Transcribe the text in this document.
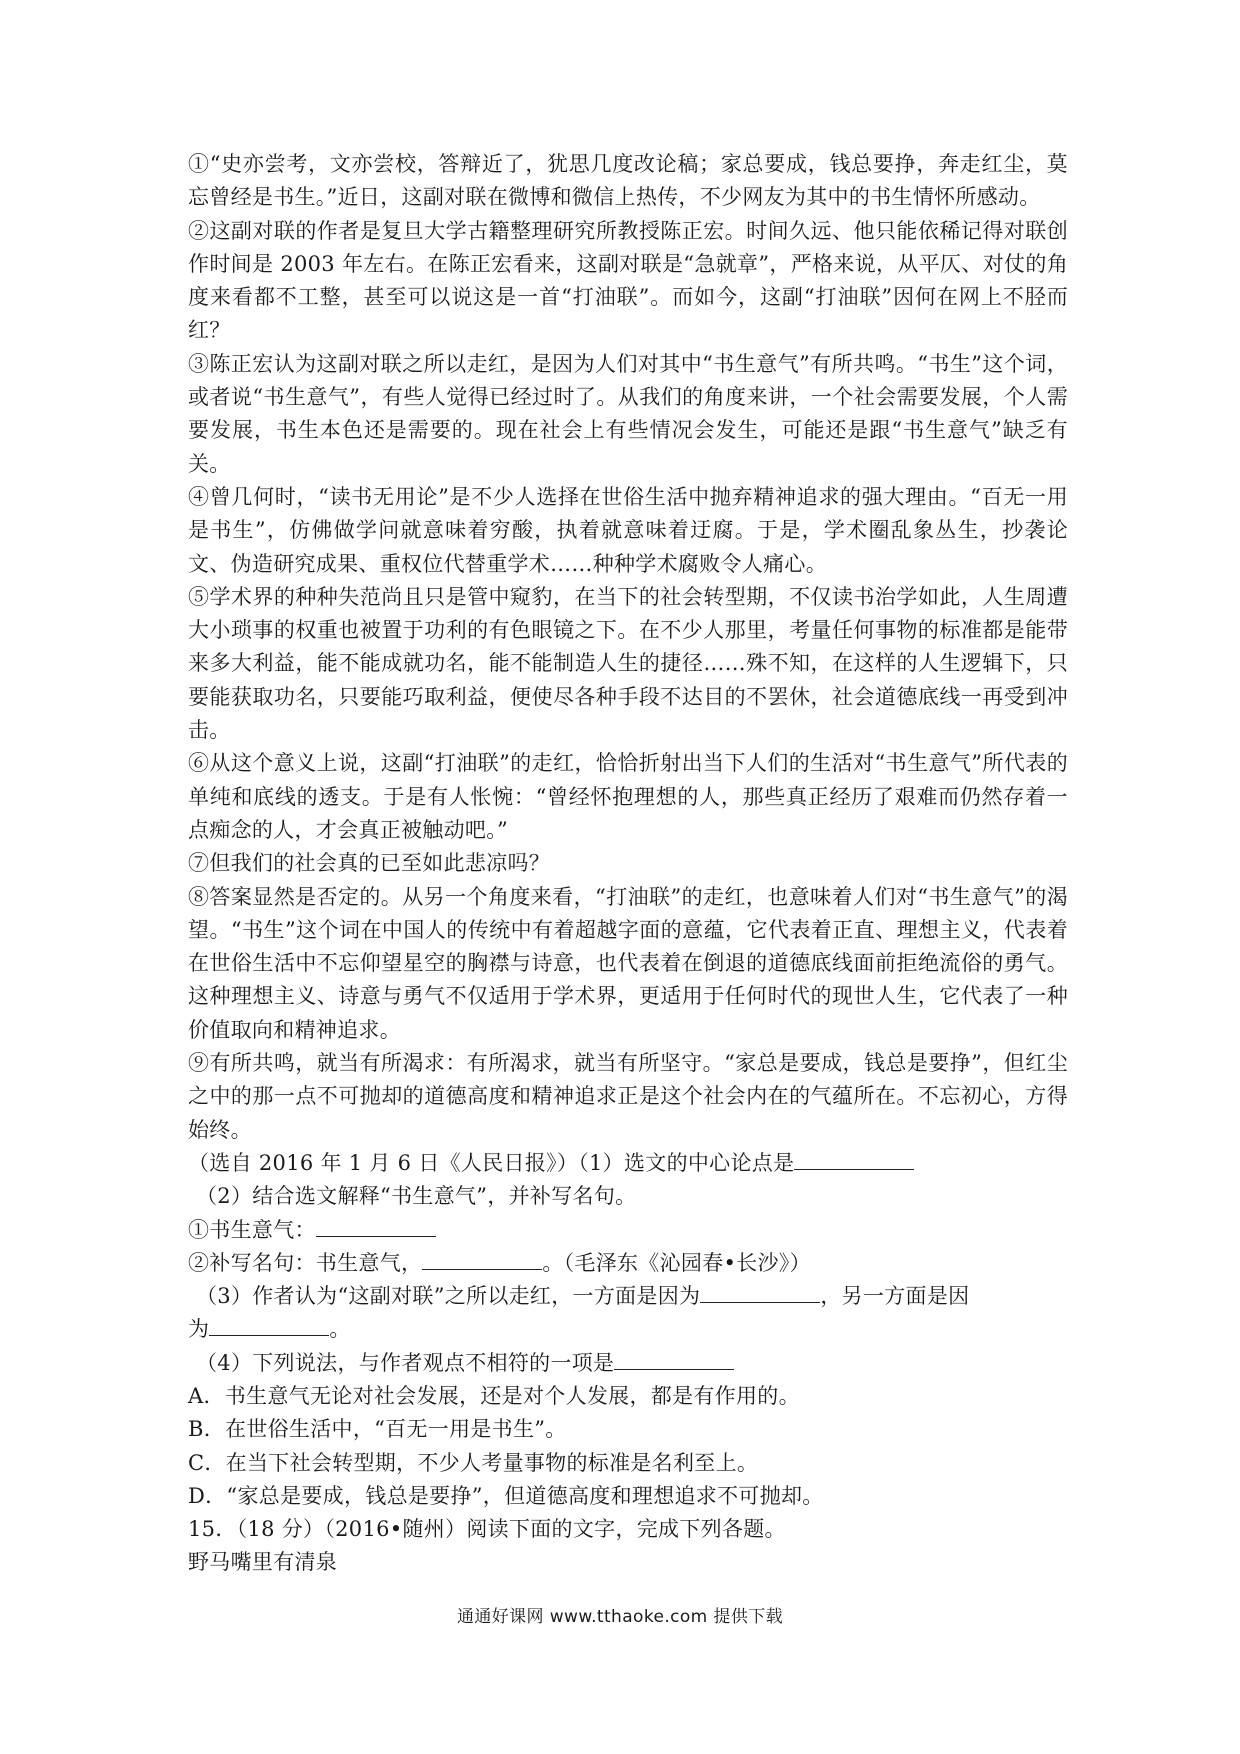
①“史亦尝考，文亦尝校，答辩近了，犹思几度改论稿；家总要成，钱总要挣，奔走红尘，莫忘曾经是书生。”近日，这副对联在微博和微信上热传，不少网友为其中的书生情怀所感动。

②这副对联的作者是复旦大学古籍整理研究所教授陈正宏。时间久远、他只能依稀记得对联创作时间是 2003 年左右。在陈正宏看来，这副对联是“急就章”，严格来说，从平仄、对仗的角度来看都不工整，甚至可以说这是一首“打油联”。而如今，这副“打油联”因何在网上不胫而红？

③陈正宏认为这副对联之所以走红，是因为人们对其中“书生意气”有所共鸣。“书生”这个词，或者说“书生意气”，有些人觉得已经过时了。从我们的角度来讲，一个社会需要发展，个人需要发展，书生本色还是需要的。现在社会上有些情况会发生，可能还是跟“书生意气”缺乏有关。

④曾几何时，“读书无用论”是不少人选择在世俗生活中抛弃精神追求的强大理由。“百无一用是书生”，仿佛做学问就意味着穷酸，执着就意味着迂腐。于是，学术圈乱象丛生，抄袭论文、伪造研究成果、重权位代替重学术……种种学术腐败令人痛心。

⑤学术界的种种失范尚且只是管中窥豹，在当下的社会转型期，不仅读书治学如此，人生周遭大小琐事的权重也被置于功利的有色眼镜之下。在不少人那里，考量任何事物的标准都是能带来多大利益，能不能成就功名，能不能制造人生的捷径……殊不知，在这样的人生逻辑下，只要能获取功名，只要能巧取利益，便使尽各种手段不达目的不罢休，社会道德底线一再受到冲击。

⑥从这个意义上说，这副“打油联”的走红，恰恰折射出当下人们的生活对“书生意气”所代表的单纯和底线的透支。于是有人怅惋：“曾经怀抱理想的人，那些真正经历了艰难而仍然存着一点痴念的人，才会真正被触动吧。”

⑦但我们的社会真的已至如此悲凉吗？

⑧答案显然是否定的。从另一个角度来看，“打油联”的走红，也意味着人们对“书生意气”的渴望。“书生”这个词在中国人的传统中有着超越字面的意蕴，它代表着正直、理想主义，代表着在世俗生活中不忘仰望星空的胸襟与诗意，也代表着在倒退的道德底线面前拒绝流俗的勇气。这种理想主义、诗意与勇气不仅适用于学术界，更适用于任何时代的现世人生，它代表了一种价值取向和精神追求。

⑨有所共鸣，就当有所渴求：有所渴求，就当有所坚守。“家总是要成，钱总是要挣”，但红尘之中的那一点不可抛却的道德高度和精神追求正是这个社会内在的气蕴所在。不忘初心，方得始终。

（选自 2016 年 1 月 6 日《人民日报》）（1）选文的中心论点是

（2）结合选文解释“书生意气”，并补写名句。

①书生意气：

②补写名句：书生意气，	。（毛泽东《沁园春•长沙》）

（3）作者认为“这副对联”之所以走红，一方面是因为	，另一方面是因

为	。

（4）下列说法，与作者观点不相符的一项是

A．书生意气无论对社会发展，还是对个人发展，都是有作用的。

B．在世俗生活中，“百无一用是书生”。

C．在当下社会转型期，不少人考量事物的标准是名利至上。

D．“家总是要成，钱总是要挣”，但道德高度和理想追求不可抛却。

15．（18 分）（2016•随州）阅读下面的文字，完成下列各题。

野马嘴里有清泉

通通好课网 www.tthaoke.com 提供下载
